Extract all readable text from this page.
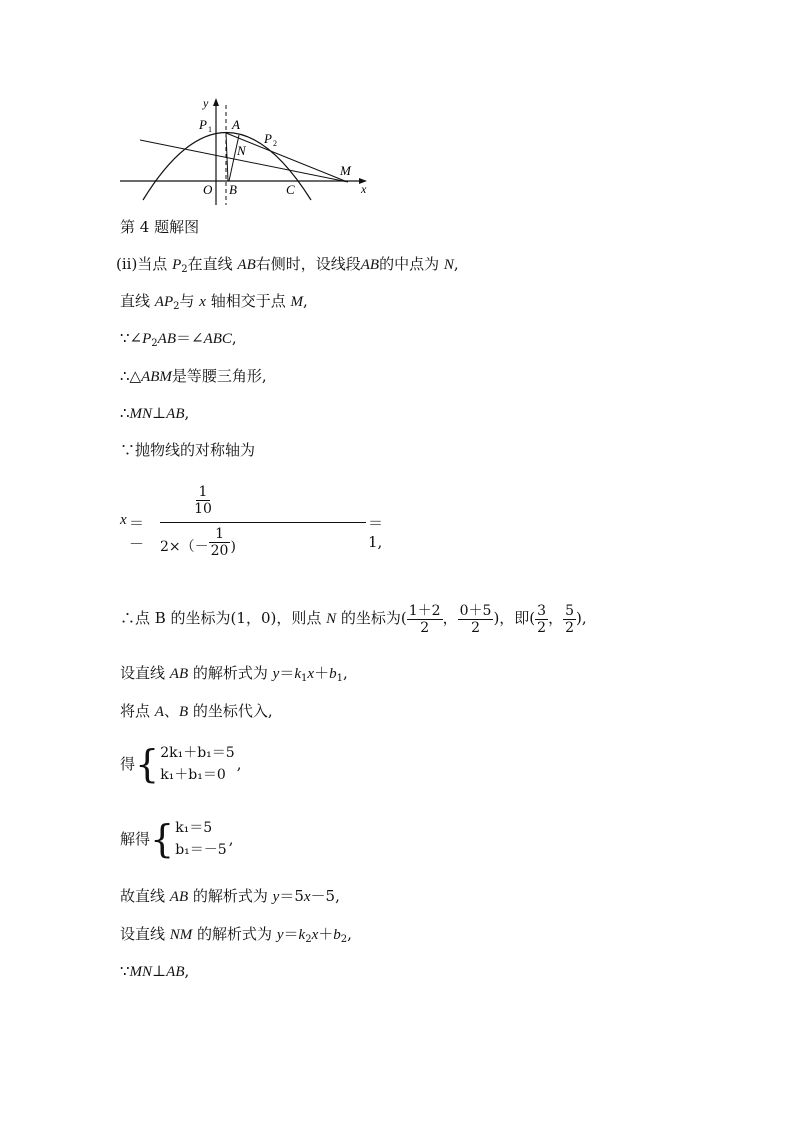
y
x
O B	C
A
P 1
P 2
N
M
第 4 题解图
(ii)当点 $P_2$在直线 AB右侧时，设线段AB的中点为 N,
直线 $AP_2$与 x 轴相交于点 M,
$\because\angle P_2AB=\angle ABC$,
∴△ABM是等腰三角形,
∴MN⊥AB,
∵抛物线的对称轴为
x ＝－
1
10
＝1,
$2\times(- \frac{1}{20}$ )
∴点 B 的坐标为(1，0)，则点 N 的坐标为( $\frac{1+2}{2}$ ， $\frac{0+5}{2}$ )，即( $\frac{3}{2}$ ， $\frac{5}{2}$ ),
设直线 AB 的解析式为 $y=k_1x+b_1$,
将点 A、B 的坐标代入,
得 { 2k₁＋b₁＝5
k₁＋b₁＝0
,
解得 { k₁＝5
b₁＝－5
,
故直线 AB 的解析式为 y＝5x－5,
设直线 NM 的解析式为 $y=k_2x+b_2$,
∵MN⊥AB,
